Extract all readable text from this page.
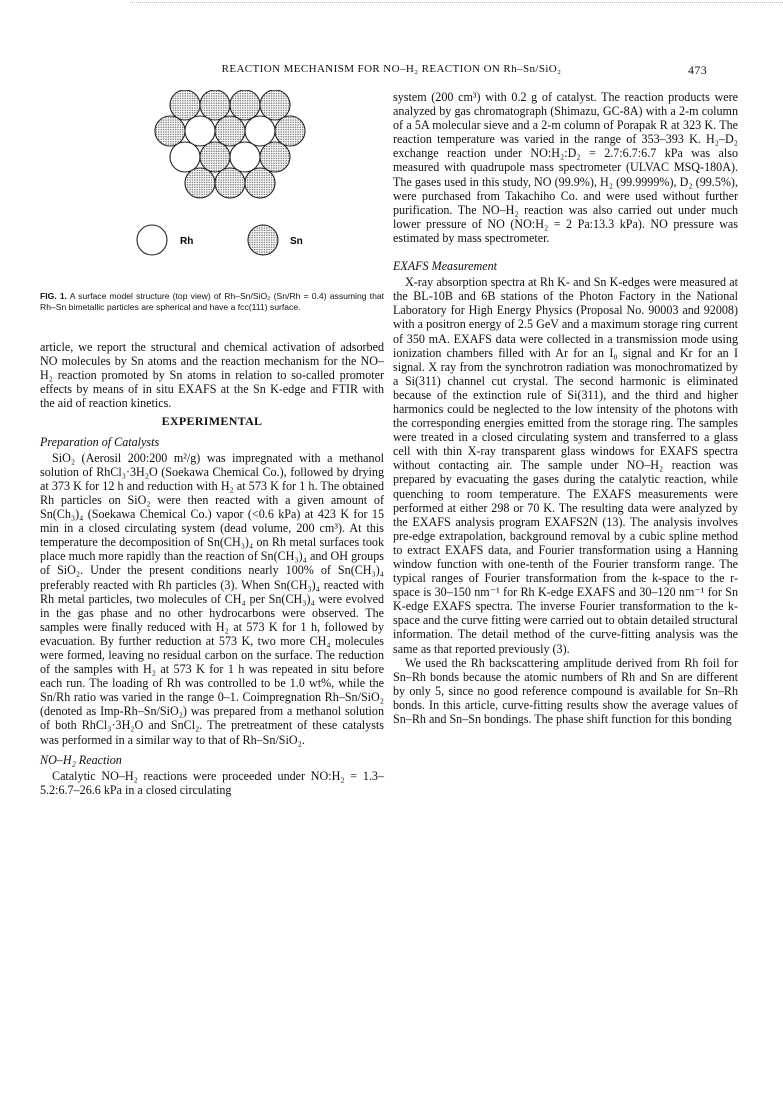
REACTION MECHANISM FOR NO–H₂ REACTION ON Rh–Sn/SiO₂	473
Rh	Sn
FIG. 1. A surface model structure (top view) of Rh–Sn/SiO₂ (Sn/Rh = 0.4) assuming that Rh–Sn bimetallic particles are spherical and have a fcc(111) surface.

article, we report the structural and chemical activation of adsorbed NO molecules by Sn atoms and the reaction mechanism for the NO–H₂ reaction promoted by Sn atoms in relation to so-called promoter effects by means of in situ EXAFS at the Sn K-edge and FTIR with the aid of reaction kinetics.

EXPERIMENTAL
Preparation of Catalysts

SiO₂ (Aerosil 200:200 m²/g) was impregnated with a methanol solution of RhCl₃·3H₂O (Soekawa Chemical Co.), followed by drying at 373 K for 12 h and reduction with H₂ at 573 K for 1 h. The obtained Rh particles on SiO₂ were then reacted with a given amount of Sn(Ch₃)₄ (Soekawa Chemical Co.) vapor (<0.6 kPa) at 423 K for 15 min in a closed circulating system (dead volume, 200 cm³). At this temperature the decomposition of Sn(CH₃)₄ on Rh metal surfaces took place much more rapidly than the reaction of Sn(CH₃)₄ and OH groups of SiO₂. Under the present conditions nearly 100% of Sn(CH₃)₄ preferably reacted with Rh particles (3). When Sn(CH₃)₄ reacted with Rh metal particles, two molecules of CH₄ per Sn(CH₃)₄ were evolved in the gas phase and no other hydrocarbons were observed. The samples were finally reduced with H₂ at 573 K for 1 h, followed by evacuation. By further reduction at 573 K, two more CH₄ molecules were formed, leaving no residual carbon on the surface. The reduction of the samples with H₂ at 573 K for 1 h was repeated in situ before each run. The loading of Rh was controlled to be 1.0 wt%, while the Sn/Rh ratio was varied in the range 0–1. Coimpregnation Rh–Sn/SiO₂ (denoted as Imp-Rh–Sn/SiO₂) was prepared from a methanol solution of both RhCl₃·3H₂O and SnCl₂. The pretreatment of these catalysts was performed in a similar way to that of Rh–Sn/SiO₂.

NO–H₂ Reaction

Catalytic NO–H₂ reactions were proceeded under NO:H₂ = 1.3–5.2:6.7–26.6 kPa in a closed circulating

system (200 cm³) with 0.2 g of catalyst. The reaction products were analyzed by gas chromatograph (Shimazu, GC-8A) with a 2-m column of a 5A molecular sieve and a 2-m column of Porapak R at 323 K. The reaction temperature was varied in the range of 353–393 K. H₂–D₂ exchange reaction under NO:H₂:D₂ = 2.7:6.7:6.7 kPa was also measured with quadrupole mass spectrometer (ULVAC MSQ-180A). The gases used in this study, NO (99.9%), H₂ (99.9999%), D₂ (99.5%), were purchased from Takachiho Co. and were used without further purification. The NO–H₂ reaction was also carried out under much lower pressure of NO (NO:H₂ = 2 Pa:13.3 kPa). NO pressure was estimated by mass spectrometer.

EXAFS Measurement

X-ray absorption spectra at Rh K- and Sn K-edges were measured at the BL-10B and 6B stations of the Photon Factory in the National Laboratory for High Energy Physics (Proposal No. 90003 and 92008) with a positron energy of 2.5 GeV and a maximum storage ring current of 350 mA. EXAFS data were collected in a transmission mode using ionization chambers filled with Ar for an I₀ signal and Kr for an I signal. X ray from the synchrotron radiation was monochromatized by a Si(311) channel cut crystal. The second harmonic is eliminated because of the extinction rule of Si(311), and the third and higher harmonics could be neglected to the low intensity of the photons with the corresponding energies emitted from the storage ring. The samples were treated in a closed circulating system and transferred to a glass cell with thin X-ray transparent glass windows for EXAFS spectra without contacting air. The sample under NO–H₂ reaction was prepared by evacuating the gases during the catalytic reaction, while quenching to room temperature. The EXAFS measurements were performed at either 298 or 70 K. The resulting data were analyzed by the EXAFS analysis program EXAFS2N (13). The analysis involves pre-edge extrapolation, background removal by a cubic spline method to extract EXAFS data, and Fourier transformation using a Hanning window function with one-tenth of the Fourier transform range. The typical ranges of Fourier transformation from the k-space to the r-space is 30–150 nm⁻¹ for Rh K-edge EXAFS and 30–120 nm⁻¹ for Sn K-edge EXAFS spectra. The inverse Fourier transformation to the k-space and the curve fitting were carried out to obtain detailed structural information. The detail method of the curve-fitting analysis was the same as that reported previously (3).

We used the Rh backscattering amplitude derived from Rh foil for Sn–Rh bonds because the atomic numbers of Rh and Sn are different by only 5, since no good reference compound is available for Sn–Rh bonds. In this article, curve-fitting results show the average values of Sn–Rh and Sn–Sn bondings. The phase shift function for this bonding
